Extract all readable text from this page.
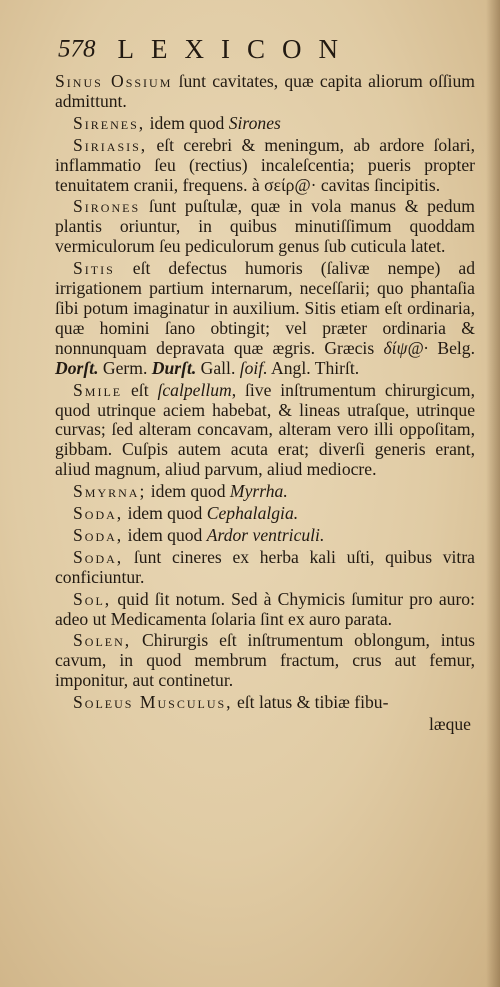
578 LEXICON

Sinus Ossium ſunt cavitates, quæ capita aliorum oſſium admittunt.

Sirenes, idem quod Sirones

Siriasis, eſt cerebri & meningum, ab ardore ſolari, inflammatio ſeu (rectius) incaleſcentia; pueris propter tenuitatem cranii, frequens. à σείρ@· cavitas ſincipitis.

Sirones ſunt puſtulæ, quæ in vola manus & pedum plantis oriuntur, in quibus minutiſſimum quoddam vermiculorum ſeu pediculorum genus ſub cuticula latet.

Sitis eſt defectus humoris (ſalivæ nempe) ad irrigationem partium internarum, neceſſarii; quo phantaſia ſibi potum imaginatur in auxilium. Sitis etiam eſt ordinaria, quæ homini ſano obtingit; vel præter ordinaria & nonnunquam depravata quæ ægris. Græcis δίψ@· Belg. Dorſt. Germ. Durſt. Gall. ſoif. Angl. Thirſt.

Smile eſt ſcalpellum, ſive inſtrumentum chirurgicum, quod utrinque aciem habebat, & lineas utraſque, utrinque curvas; ſed alteram concavam, alteram vero illi oppoſitam, gibbam. Cuſpis autem acuta erat; diverſi generis erant, aliud magnum, aliud parvum, aliud mediocre.

Smyrna; idem quod Myrrha.

Soda, idem quod Cephalalgia.

Soda, idem quod Ardor ventriculi.

Soda, ſunt cineres ex herba kali uſti, quibus vitra conficiuntur.

Sol, quid ſit notum. Sed à Chymicis ſumitur pro auro: adeo ut Medicamenta ſolaria ſint ex auro parata.

Solen, Chirurgis eſt inſtrumentum oblongum, intus cavum, in quod membrum fractum, crus aut femur, imponitur, aut continetur.

Soleus Musculus, eſt latus & tibiæ fibu-

læque
